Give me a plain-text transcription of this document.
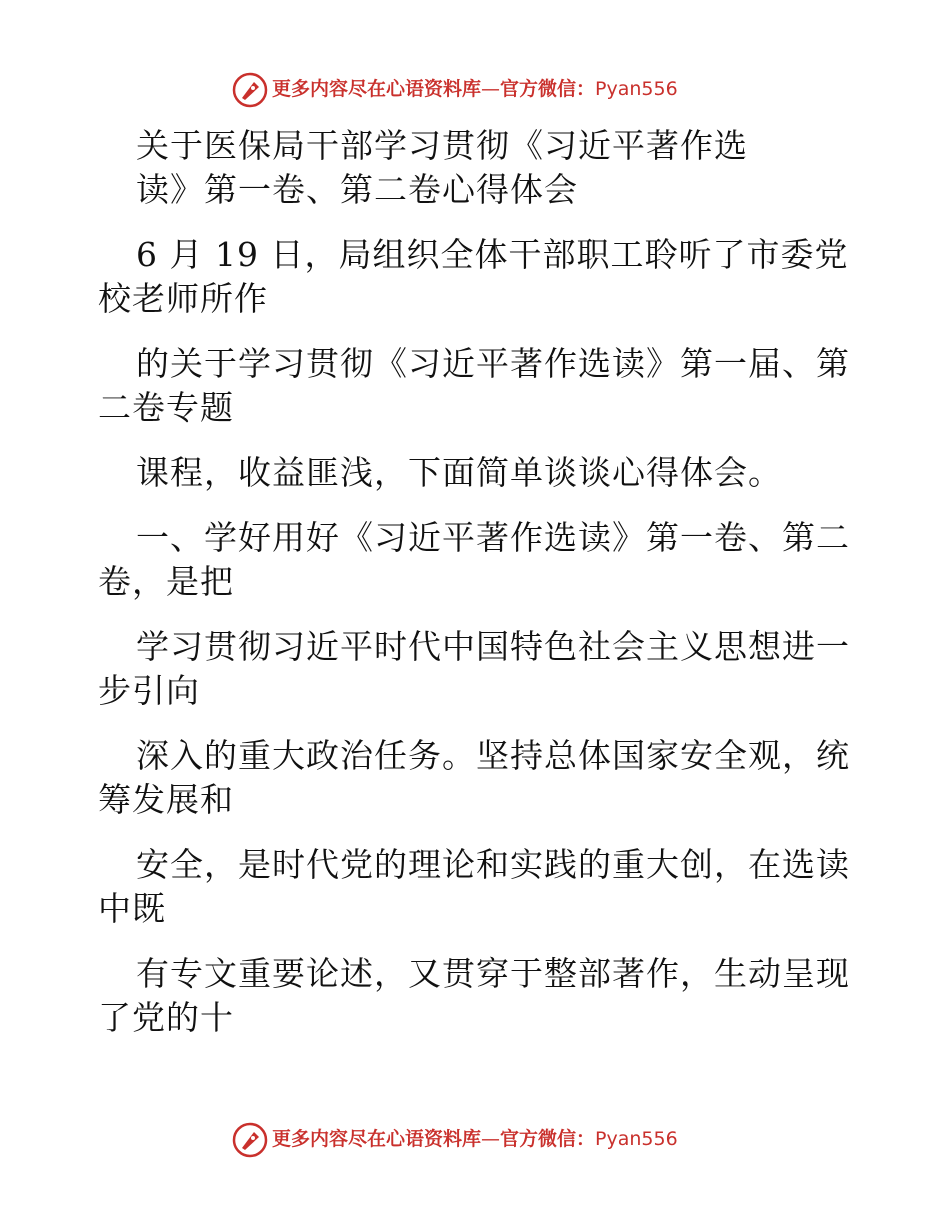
更多内容尽在心语资料库—官方微信：Pyan556
关于医保局干部学习贯彻《习近平著作选
读》第一卷、第二卷心得体会
6 月 19 日，局组织全体干部职工聆听了市委党
校老师所作
的关于学习贯彻《习近平著作选读》第一届、第
二卷专题
课程，收益匪浅，下面简单谈谈心得体会。
一、学好用好《习近平著作选读》第一卷、第二
卷，是把
学习贯彻习近平时代中国特色社会主义思想进一
步引向
深入的重大政治任务。坚持总体国家安全观，统
筹发展和
安全，是时代党的理论和实践的重大创，在选读
中既
有专文重要论述，又贯穿于整部著作，生动呈现
了党的十
更多内容尽在心语资料库—官方微信：Pyan556
